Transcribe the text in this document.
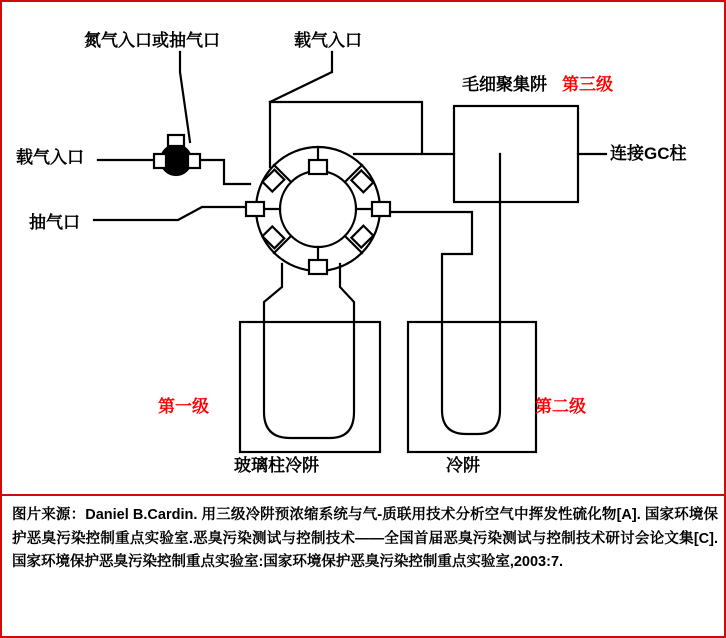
氮气入口或抽气口	载气入口
毛细聚集阱 第三级
载气入口	连接GC柱
抽气口
第一级	第二级
玻璃柱冷阱	冷阱
图片来源：Daniel B.Cardin. 用三级冷阱预浓缩系统与气-质联用技术分析空气中挥发性硫化物[A]. 国家环境保护恶臭污染控制重点实验室.恶臭污染测试与控制技术——全国首届恶臭污染测试与控制技术研讨会论文集[C].国家环境保护恶臭污染控制重点实验室:国家环境保护恶臭污染控制重点实验室,2003:7.
